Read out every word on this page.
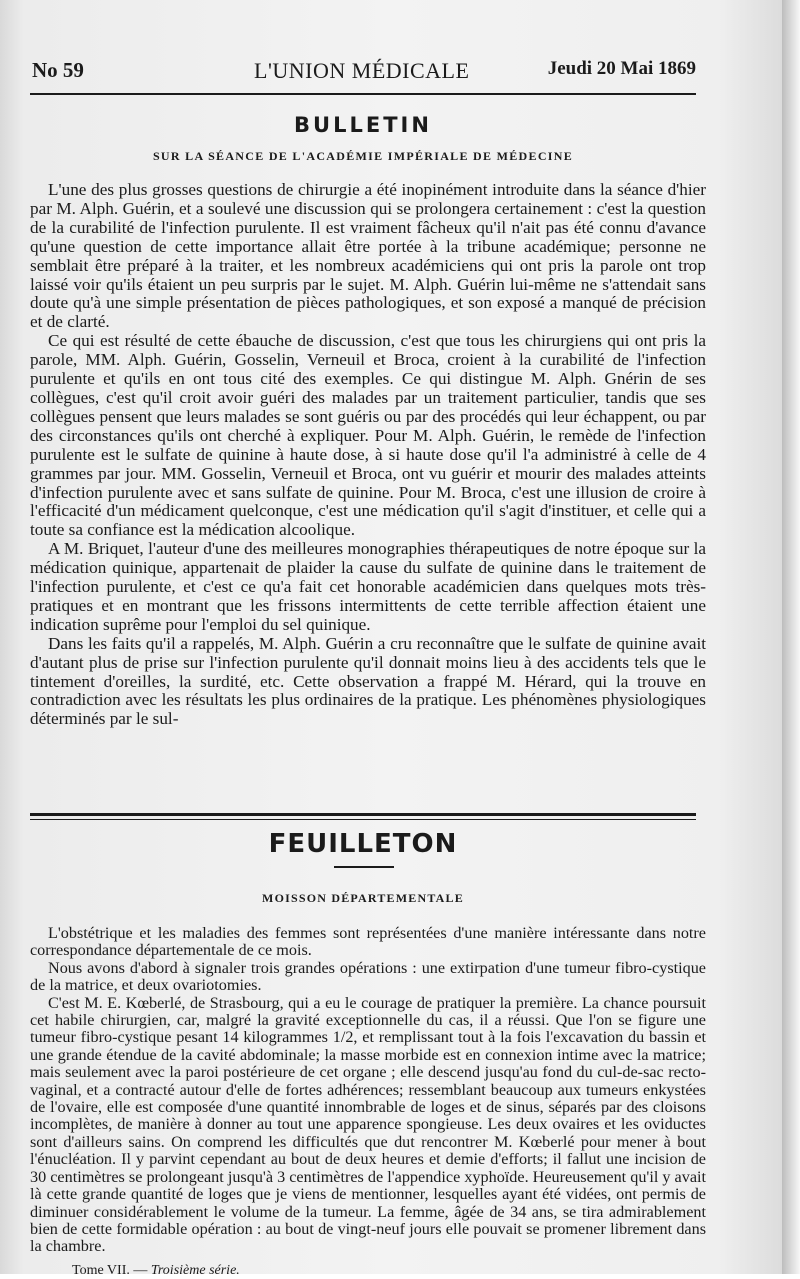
No 59	L'UNION MÉDICALE	Jeudi 20 Mai 1869
BULLETIN
SUR LA SÉANCE DE L'ACADÉMIE IMPÉRIALE DE MÉDECINE

L'une des plus grosses questions de chirurgie a été inopinément introduite dans la séance d'hier par M. Alph. Guérin, et a soulevé une discussion qui se prolongera certainement : c'est la question de la curabilité de l'infection purulente. Il est vraiment fâcheux qu'il n'ait pas été connu d'avance qu'une question de cette importance allait être portée à la tribune académique; personne ne semblait être préparé à la traiter, et les nombreux académiciens qui ont pris la parole ont trop laissé voir qu'ils étaient un peu surpris par le sujet. M. Alph. Guérin lui-même ne s'attendait sans doute qu'à une simple présentation de pièces pathologiques, et son exposé a manqué de précision et de clarté.

Ce qui est résulté de cette ébauche de discussion, c'est que tous les chirurgiens qui ont pris la parole, MM. Alph. Guérin, Gosselin, Verneuil et Broca, croient à la curabilité de l'infection purulente et qu'ils en ont tous cité des exemples. Ce qui distingue M. Alph. Gnérin de ses collègues, c'est qu'il croit avoir guéri des malades par un traitement particulier, tandis que ses collègues pensent que leurs malades se sont guéris ou par des procédés qui leur échappent, ou par des circonstances qu'ils ont cherché à expliquer. Pour M. Alph. Guérin, le remède de l'infection purulente est le sulfate de quinine à haute dose, à si haute dose qu'il l'a administré à celle de 4 grammes par jour. MM. Gosselin, Verneuil et Broca, ont vu guérir et mourir des malades atteints d'infection purulente avec et sans sulfate de quinine. Pour M. Broca, c'est une illusion de croire à l'efficacité d'un médicament quelconque, c'est une médication qu'il s'agit d'instituer, et celle qui a toute sa confiance est la médication alcoolique.

A M. Briquet, l'auteur d'une des meilleures monographies thérapeutiques de notre époque sur la médication quinique, appartenait de plaider la cause du sulfate de quinine dans le traitement de l'infection purulente, et c'est ce qu'a fait cet honorable académicien dans quelques mots très-pratiques et en montrant que les frissons intermittents de cette terrible affection étaient une indication suprême pour l'emploi du sel quinique.

Dans les faits qu'il a rappelés, M. Alph. Guérin a cru reconnaître que le sulfate de quinine avait d'autant plus de prise sur l'infection purulente qu'il donnait moins lieu à des accidents tels que le tintement d'oreilles, la surdité, etc. Cette observation a frappé M. Hérard, qui la trouve en contradiction avec les résultats les plus ordinaires de la pratique. Les phénomènes physiologiques déterminés par le sul-

FEUILLETON
MOISSON DÉPARTEMENTALE

L'obstétrique et les maladies des femmes sont représentées d'une manière intéressante dans notre correspondance départementale de ce mois.

Nous avons d'abord à signaler trois grandes opérations : une extirpation d'une tumeur fibro-cystique de la matrice, et deux ovariotomies.

C'est M. E. Kœberlé, de Strasbourg, qui a eu le courage de pratiquer la première. La chance poursuit cet habile chirurgien, car, malgré la gravité exceptionnelle du cas, il a réussi. Que l'on se figure une tumeur fibro-cystique pesant 14 kilogrammes 1/2, et remplissant tout à la fois l'excavation du bassin et une grande étendue de la cavité abdominale; la masse morbide est en connexion intime avec la matrice; mais seulement avec la paroi postérieure de cet organe ; elle descend jusqu'au fond du cul-de-sac recto-vaginal, et a contracté autour d'elle de fortes adhérences; ressemblant beaucoup aux tumeurs enkystées de l'ovaire, elle est composée d'une quantité innombrable de loges et de sinus, séparés par des cloisons incomplètes, de manière à donner au tout une apparence spongieuse. Les deux ovaires et les oviductes sont d'ailleurs sains. On comprend les difficultés que dut rencontrer M. Kœberlé pour mener à bout l'énucléation. Il y parvint cependant au bout de deux heures et demie d'efforts; il fallut une incision de 30 centimètres se prolongeant jusqu'à 3 centimètres de l'appendice xyphoïde. Heureusement qu'il y avait là cette grande quantité de loges que je viens de mentionner, lesquelles ayant été vidées, ont permis de diminuer considérablement le volume de la tumeur. La femme, âgée de 34 ans, se tira admirablement bien de cette formidable opération : au bout de vingt-neuf jours elle pouvait se promener librement dans la chambre.

Tome VII. — Troisième série.
